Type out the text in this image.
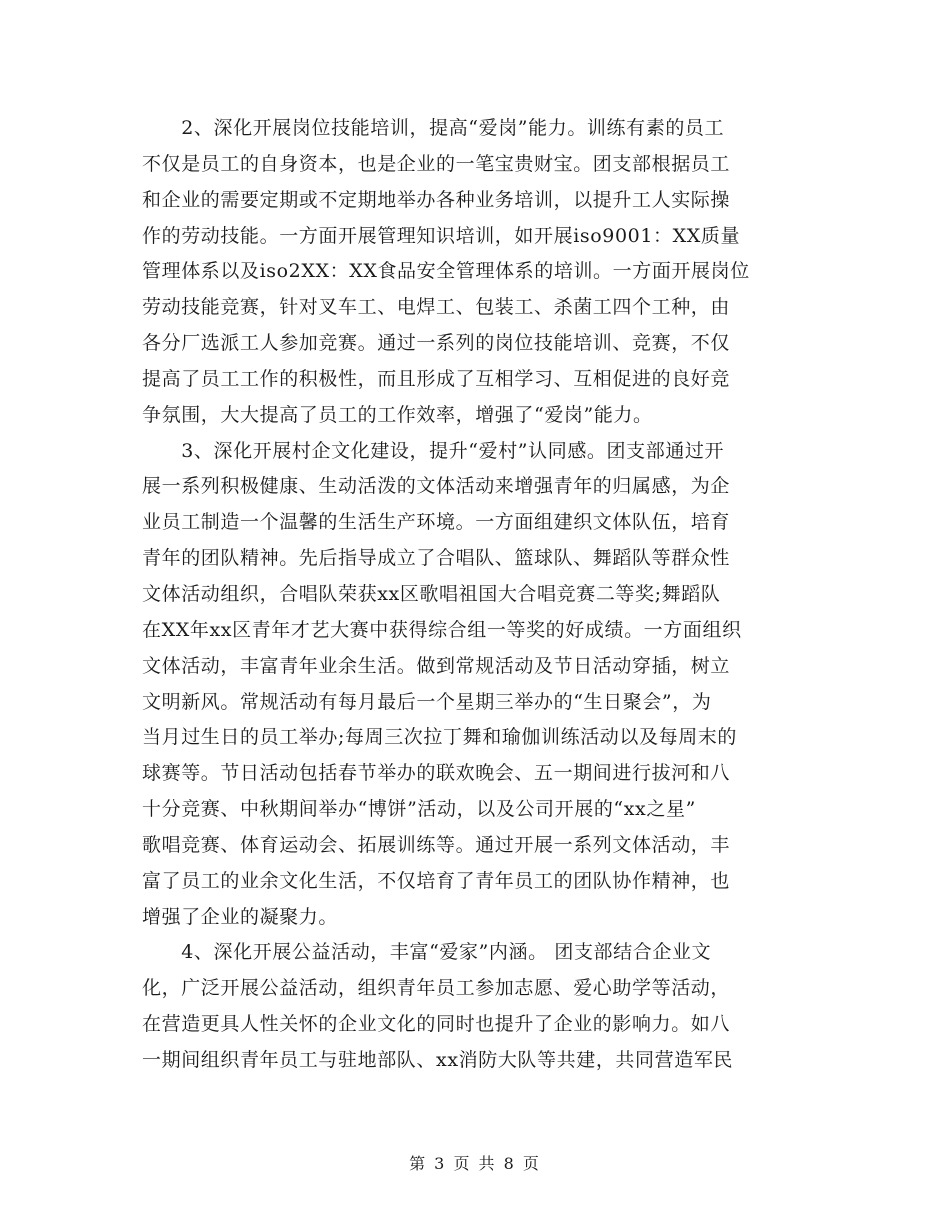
　　2、深化开展岗位技能培训，提高“爱岗”能力。训练有素的员工
不仅是员工的自身资本，也是企业的一笔宝贵财宝。团支部根据员工
和企业的需要定期或不定期地举办各种业务培训，以提升工人实际操
作的劳动技能。一方面开展管理知识培训，如开展iso9001：XX质量
管理体系以及iso2XX：XX食品安全管理体系的培训。一方面开展岗位
劳动技能竞赛，针对叉车工、电焊工、包装工、杀菌工四个工种，由
各分厂选派工人参加竞赛。通过一系列的岗位技能培训、竞赛，不仅
提高了员工工作的积极性，而且形成了互相学习、互相促进的良好竞
争氛围，大大提高了员工的工作效率，增强了“爱岗”能力。
　　3、深化开展村企文化建设，提升“爱村”认同感。团支部通过开
展一系列积极健康、生动活泼的文体活动来增强青年的归属感，为企
业员工制造一个温馨的生活生产环境。一方面组建织文体队伍，培育
青年的团队精神。先后指导成立了合唱队、篮球队、舞蹈队等群众性
文体活动组织，合唱队荣获xx区歌唱祖国大合唱竞赛二等奖;舞蹈队
在XX年xx区青年才艺大赛中获得综合组一等奖的好成绩。一方面组织
文体活动，丰富青年业余生活。做到常规活动及节日活动穿插，树立
文明新风。常规活动有每月最后一个星期三举办的“生日聚会”，为
当月过生日的员工举办;每周三次拉丁舞和瑜伽训练活动以及每周末的
球赛等。节日活动包括春节举办的联欢晚会、五一期间进行拔河和八
十分竞赛、中秋期间举办“博饼”活动，以及公司开展的“xx之星”
歌唱竞赛、体育运动会、拓展训练等。通过开展一系列文体活动，丰
富了员工的业余文化生活，不仅培育了青年员工的团队协作精神，也
增强了企业的凝聚力。
　　4、深化开展公益活动，丰富“爱家”内涵。 团支部结合企业文
化，广泛开展公益活动，组织青年员工参加志愿、爱心助学等活动，
在营造更具人性关怀的企业文化的同时也提升了企业的影响力。如八
一期间组织青年员工与驻地部队、xx消防大队等共建，共同营造军民
第 3 页 共 8 页
